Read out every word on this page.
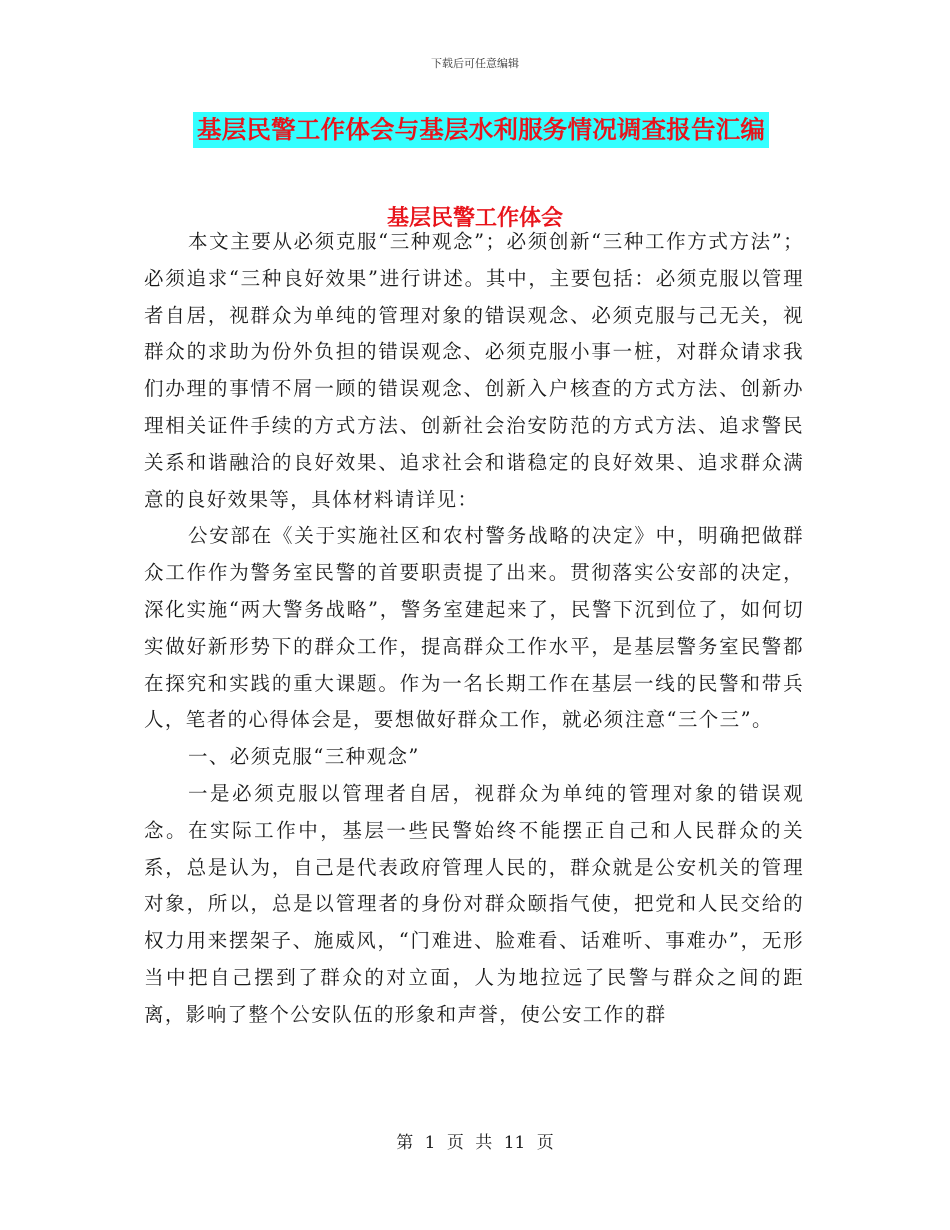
下载后可任意编辑
基层民警工作体会与基层水利服务情况调查报告汇编
基层民警工作体会

本文主要从必须克服“三种观念”；必须创新“三种工作方式方法”；必须追求“三种良好效果”进行讲述。其中，主要包括：必须克服以管理者自居，视群众为单纯的管理对象的错误观念、必须克服与己无关，视群众的求助为份外负担的错误观念、必须克服小事一桩，对群众请求我们办理的事情不屑一顾的错误观念、创新入户核查的方式方法、创新办理相关证件手续的方式方法、创新社会治安防范的方式方法、追求警民关系和谐融洽的良好效果、追求社会和谐稳定的良好效果、追求群众满意的良好效果等，具体材料请详见：

公安部在《关于实施社区和农村警务战略的决定》中，明确把做群众工作作为警务室民警的首要职责提了出来。贯彻落实公安部的决定，深化实施“两大警务战略”，警务室建起来了，民警下沉到位了，如何切实做好新形势下的群众工作，提高群众工作水平，是基层警务室民警都在探究和实践的重大课题。作为一名长期工作在基层一线的民警和带兵人，笔者的心得体会是，要想做好群众工作，就必须注意“三个三”。

一、必须克服“三种观念”

一是必须克服以管理者自居，视群众为单纯的管理对象的错误观念。在实际工作中，基层一些民警始终不能摆正自己和人民群众的关系，总是认为，自己是代表政府管理人民的，群众就是公安机关的管理对象，所以，总是以管理者的身份对群众颐指气使，把党和人民交给的权力用来摆架子、施威风，“门难进、脸难看、话难听、事难办”，无形当中把自己摆到了群众的对立面，人为地拉远了民警与群众之间的距离，影响了整个公安队伍的形象和声誉，使公安工作的群

第 1 页 共 11 页
